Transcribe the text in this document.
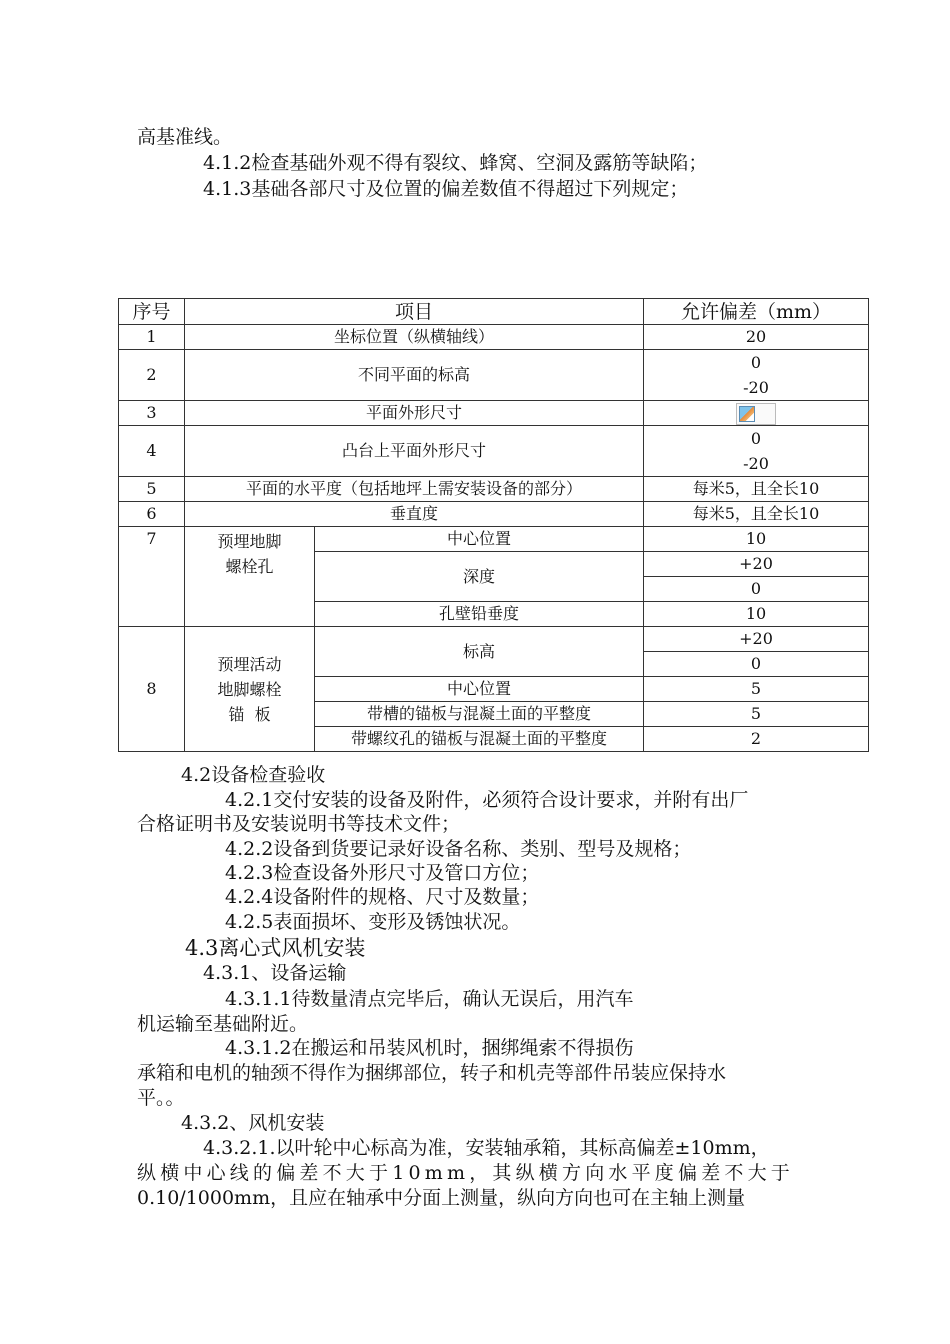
高基准线。
4.1.2检查基础外观不得有裂纹、蜂窝、空洞及露筋等缺陷；
4.1.3基础各部尺寸及位置的偏差数值不得超过下列规定；
序号	项目		允许偏差（mm）
1	坐标位置（纵横轴线）		20
2	不同平面的标高		0
-20

3	平面外形尺寸		

4	凸台上平面外形尺寸		0
-20

5	平面的水平度（包括地坪上需安装设备的部分）		每米5，且全长10
6	垂直度		每米5，且全长10
7	预埋地脚
螺栓孔	中心位置	10
		深度	+20
			0
		孔壁铅垂度	10
8	预埋活动
地脚螺栓
锚  板	标高	+20
			0
		中心位置	5
		带槽的锚板与混凝土面的平整度	5
		带螺纹孔的锚板与混凝土面的平整度	2
4.2设备检查验收
4.2.1交付安装的设备及附件，必须符合设计要求，并附有出厂
合格证明书及安装说明书等技术文件；
4.2.2设备到货要记录好设备名称、类别、型号及规格；
4.2.3检查设备外形尺寸及管口方位；
4.2.4设备附件的规格、尺寸及数量；
4.2.5表面损坏、变形及锈蚀状况。
4.3离心式风机安装
4.3.1、设备运输
4.3.1.1待数量清点完毕后，确认无误后，用汽车
机运输至基础附近。
4.3.1.2在搬运和吊装风机时，捆绑绳索不得损伤
承箱和电机的轴颈不得作为捆绑部位，转子和机壳等部件吊装应保持水
平。。
4.3.2、风机安装
4.3.2.1.以叶轮中心标高为准，安装轴承箱，其标高偏差±10mm，
纵横中心线的偏差不大于10mm，其纵横方向水平度偏差不大于
0.10/1000mm，且应在轴承中分面上测量，纵向方向也可在主轴上测量
